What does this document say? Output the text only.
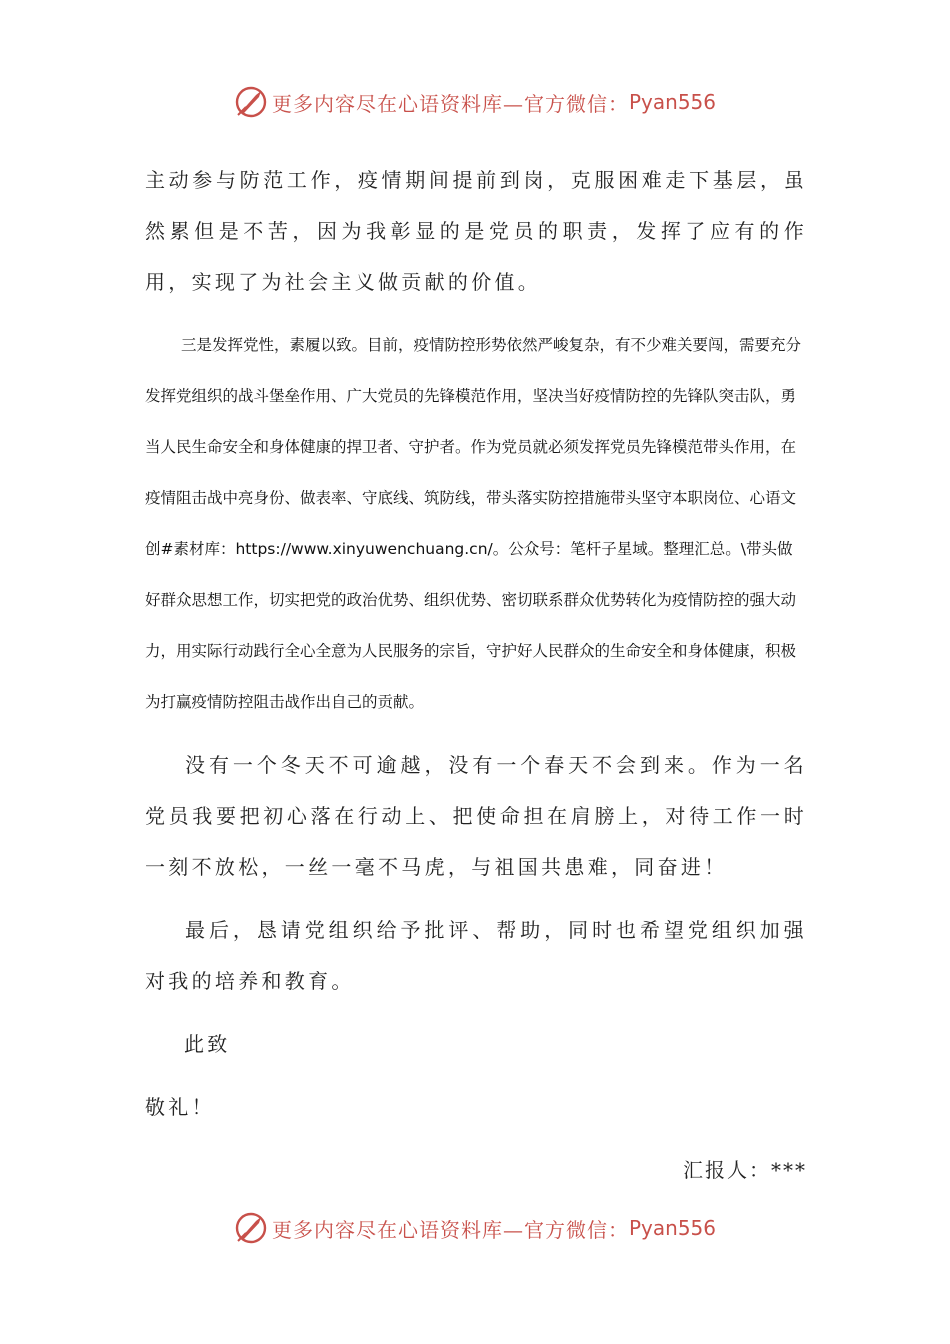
更多内容尽在心语资料库—官方微信： Pyan556

主动参与防范工作，疫情期间提前到岗，克服困难走下基层，虽然累但是不苦，因为我彰显的是党员的职责，发挥了应有的作用，实现了为社会主义做贡献的价值。

三是发挥党性，素履以致。目前，疫情防控形势依然严峻复杂，有不少难关要闯，需要充分发挥党组织的战斗堡垒作用、广大党员的先锋模范作用，坚决当好疫情防控的先锋队突击队，勇当人民生命安全和身体健康的捍卫者、守护者。作为党员就必须发挥党员先锋模范带头作用，在疫情阻击战中亮身份、做表率、守底线、筑防线，带头落实防控措施带头坚守本职岗位、心语文创#素材库：https://www.xinyuwenchuang.cn/。公众号：笔杆子星域。整理汇总。\带头做好群众思想工作，切实把党的政治优势、组织优势、密切联系群众优势转化为疫情防控的强大动力，用实际行动践行全心全意为人民服务的宗旨，守护好人民群众的生命安全和身体健康，积极为打赢疫情防控阻击战作出自己的贡献。

没有一个冬天不可逾越，没有一个春天不会到来。作为一名党员我要把初心落在行动上、把使命担在肩膀上，对待工作一时一刻不放松，一丝一毫不马虎，与祖国共患难，同奋进！

最后，恳请党组织给予批评、帮助，同时也希望党组织加强对我的培养和教育。

此致

敬礼！

汇报人：***

更多内容尽在心语资料库—官方微信： Pyan556
